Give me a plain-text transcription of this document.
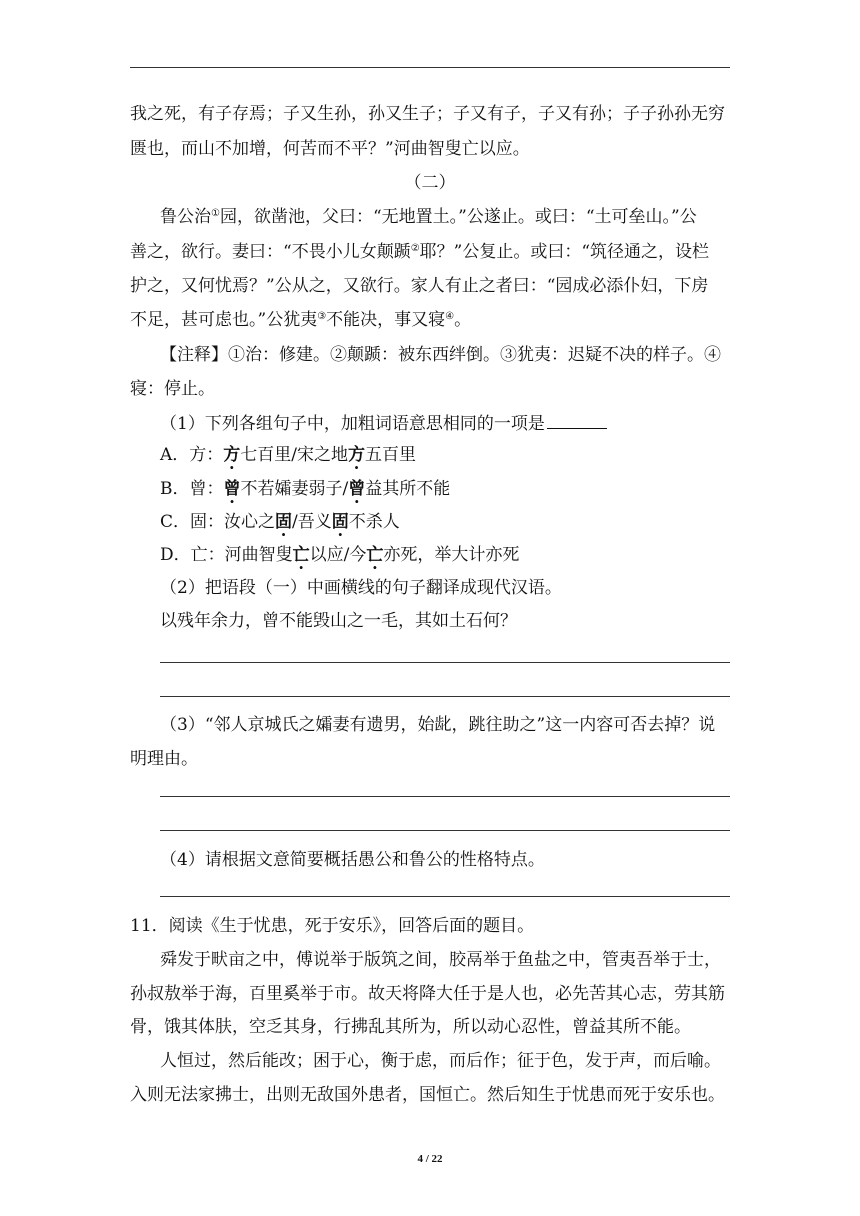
我之死，有子存焉；子又生孙，孙又生子；子又有子，子又有孙；子子孙孙无穷
匮也，而山不加增，何苦而不平？”河曲智叟亡以应。
（二）
鲁公治①园，欲凿池，父曰：“无地置土。”公遂止。或曰：“土可垒山。”公
善之，欲行。妻曰：“不畏小儿女颠踬②耶？”公复止。或曰：“筑径通之，设栏
护之，又何忧焉？”公从之，又欲行。家人有止之者曰：“园成必添仆妇，下房
不足，甚可虑也。”公犹夷③不能决，事又寝④。
【注释】①治：修建。②颠踬：被东西绊倒。③犹夷：迟疑不决的样子。④
寝：停止。
（1）下列各组句子中，加粗词语意思相同的一项是
A．方：方七百里/宋之地方五百里
B．曾：曾不若孀妻弱子/曾益其所不能
C．固：汝心之固/吾义固不杀人
D．亡：河曲智叟亡以应/今亡亦死，举大计亦死
（2）把语段（一）中画横线的句子翻译成现代汉语。
以残年余力，曾不能毁山之一毛，其如土石何？
（3）“邻人京城氏之孀妻有遗男，始龀，跳往助之”这一内容可否去掉？说
明理由。
（4）请根据文意简要概括愚公和鲁公的性格特点。
11．阅读《生于忧患，死于安乐》，回答后面的题目。
舜发于畎亩之中，傅说举于版筑之间，胶鬲举于鱼盐之中，管夷吾举于士，
孙叔敖举于海，百里奚举于市。故天将降大任于是人也，必先苦其心志，劳其筋
骨，饿其体肤，空乏其身，行拂乱其所为，所以动心忍性，曾益其所不能。
人恒过，然后能改；困于心，衡于虑，而后作；征于色，发于声，而后喻。
入则无法家拂士，出则无敌国外患者，国恒亡。然后知生于忧患而死于安乐也。
4 / 22
